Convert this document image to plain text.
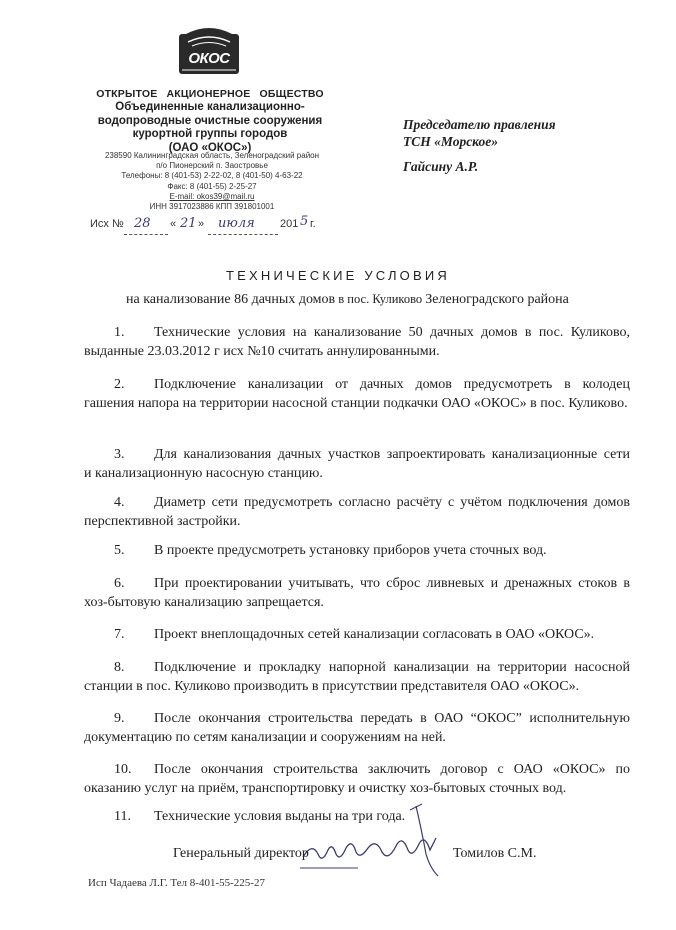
ОКОС
ОТКРЫТОЕ АКЦИОНЕРНОЕ ОБЩЕСТВО
Объединенные канализационно-
водопроводные очистные сооружения
курортной группы городов
(ОАО «ОКОС»)
238590 Калининградская область, Зеленоградский район
п/о Пионерский п. Заостровье
Телефоны: 8 (401-53) 2-22-02, 8 (401-50) 4-63-22
Факс: 8 (401-55) 2-25-27
E-mail: okos39@mail.ru
ИНН 3917023886 КПП 391801001
Исх № 28 « 21 » июля 201 5 г.
Председателю правления
ТСН «Морское»
Гайсину А.Р.
ТЕХНИЧЕСКИЕ УСЛОВИЯ
на канализование 86 дачных домов в пос. Куликово Зеленоградского района
1. Технические условия на канализование 50 дачных домов в пос. Куликово,
выданные 23.03.2012 г исх №10 считать аннулированными.
2. Подключение канализации от дачных домов предусмотреть в колодец
гашения напора на территории насосной станции подкачки ОАО «ОКОС» в пос. Куликово.
3. Для канализования дачных участков запроектировать канализационные сети
и канализационную насосную станцию.
4. Диаметр сети предусмотреть согласно расчёту с учётом подключения домов
перспективной застройки.
5. В проекте предусмотреть установку приборов учета сточных вод.
6. При проектировании учитывать, что сброс ливневых и дренажных стоков в
хоз-бытовую канализацию запрещается.
7. Проект внеплощадочных сетей канализации согласовать в ОАО «ОКОС».
8. Подключение и прокладку напорной канализации на территории насосной
станции в пос. Куликово производить в присутствии представителя ОАО «ОКОС».
9. После окончания строительства передать в ОАО “ОКОС” исполнительную
документацию по сетям канализации и сооружениям на ней.
10. После окончания строительства заключить договор с ОАО «ОКОС» по
оказанию услуг на приём, транспортировку и очистку хоз-бытовых сточных вод.
11. Технические условия выданы на три года.
Генеральный директор	Томилов С.М.
Исп Чадаева Л.Г. Тел 8-401-55-225-27
